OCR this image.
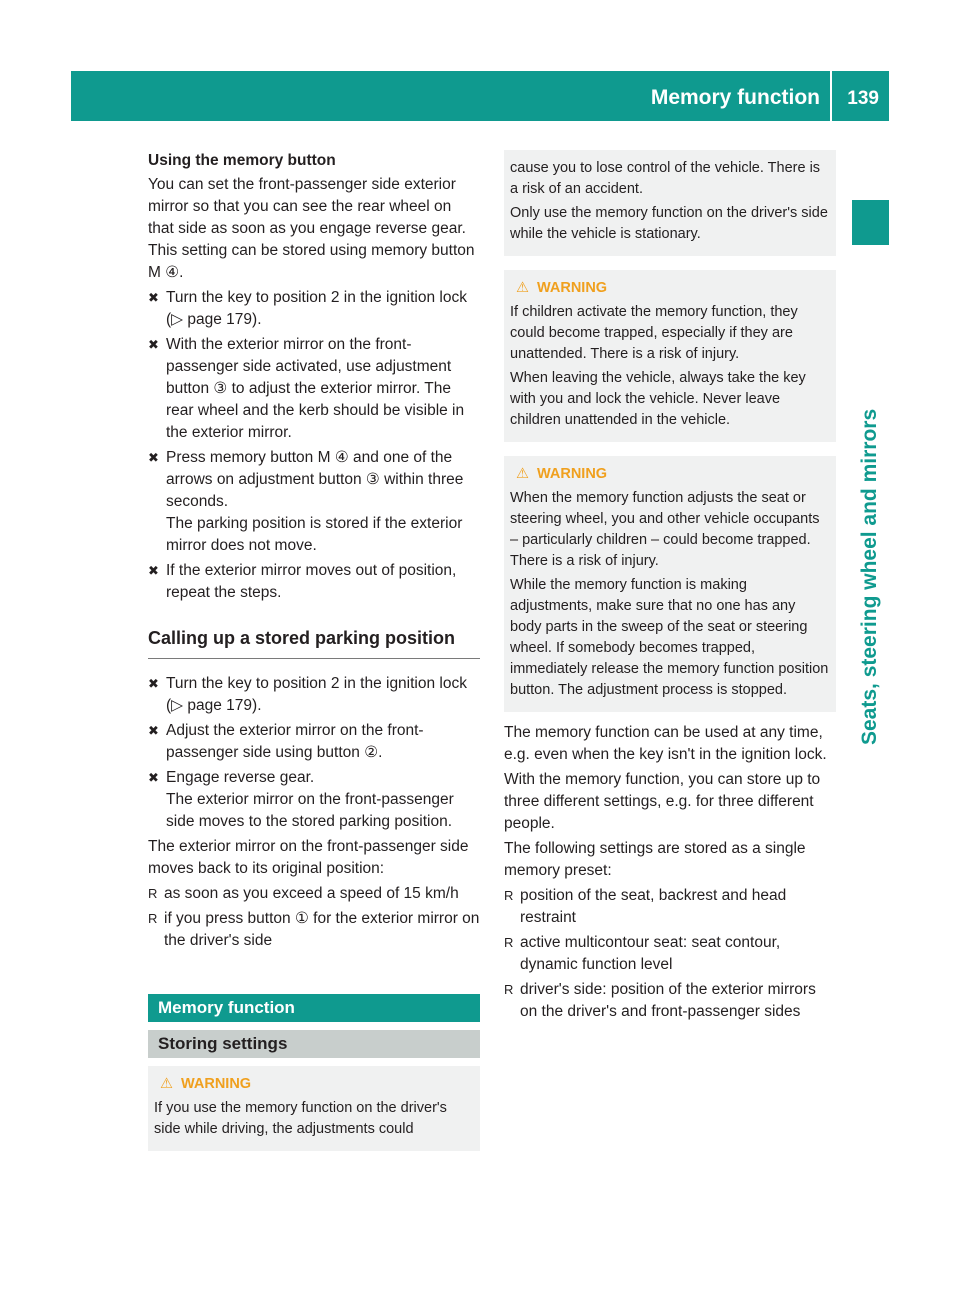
Memory function 139
Seats, steering wheel and mirrors
Using the memory button

You can set the front-passenger side exterior mirror so that you can see the rear wheel on that side as soon as you engage reverse gear. This setting can be stored using memory button M ④.

✖ Turn the key to position 2 in the ignition lock (▷ page 179).
✖ With the exterior mirror on the front-passenger side activated, use adjustment button ③ to adjust the exterior mirror. The rear wheel and the kerb should be visible in the exterior mirror.
✖ Press memory button M ④ and one of the arrows on adjustment button ③ within three seconds.
The parking position is stored if the exterior mirror does not move.
✖ If the exterior mirror moves out of position, repeat the steps.
Calling up a stored parking position
✖ Turn the key to position 2 in the ignition lock (▷ page 179).
✖ Adjust the exterior mirror on the front-passenger side using button ②.
✖ Engage reverse gear.
The exterior mirror on the front-passenger side moves to the stored parking position.

The exterior mirror on the front-passenger side moves back to its original position:

R as soon as you exceed a speed of 15 km/h
R if you press button ① for the exterior mirror on the driver's side
Memory function
Storing settings
⚠ WARNING

If you use the memory function on the driver's side while driving, the adjustments could

cause you to lose control of the vehicle. There is a risk of an accident.

Only use the memory function on the driver's side while the vehicle is stationary.

⚠ WARNING

If children activate the memory function, they could become trapped, especially if they are unattended. There is a risk of injury.

When leaving the vehicle, always take the key with you and lock the vehicle. Never leave children unattended in the vehicle.

⚠ WARNING

When the memory function adjusts the seat or steering wheel, you and other vehicle occupants – particularly children – could become trapped. There is a risk of injury.

While the memory function is making adjustments, make sure that no one has any body parts in the sweep of the seat or steering wheel. If somebody becomes trapped, immediately release the memory function position button. The adjustment process is stopped.

The memory function can be used at any time, e.g. even when the key isn't in the ignition lock.

With the memory function, you can store up to three different settings, e.g. for three different people.

The following settings are stored as a single memory preset:

R position of the seat, backrest and head restraint
R active multicontour seat: seat contour, dynamic function level
R driver's side: position of the exterior mirrors on the driver's and front-passenger sides
